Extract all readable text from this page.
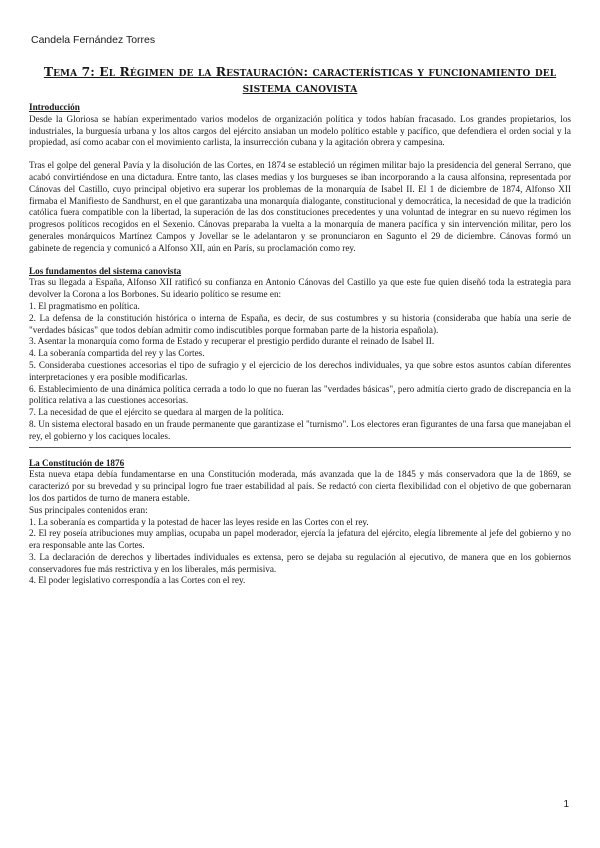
Candela Fernández Torres
Tema 7: El Régimen de la Restauración: características y funcionamiento del sistema canovista

Introducción

Desde la Gloriosa se habían experimentado varios modelos de organización política y todos habían fracasado. Los grandes propietarios, los industriales, la burguesía urbana y los altos cargos del ejército ansiaban un modelo político estable y pacífico, que defendiera el orden social y la propiedad, así como acabar con el movimiento carlista, la insurrección cubana y la agitación obrera y campesina.

Tras el golpe del general Pavía y la disolución de las Cortes, en 1874 se estableció un régimen militar bajo la presidencia del general Serrano, que acabó convirtiéndose en una dictadura. Entre tanto, las clases medias y los burgueses se iban incorporando a la causa alfonsina, representada por Cánovas del Castillo, cuyo principal objetivo era superar los problemas de la monarquía de Isabel II. El 1 de diciembre de 1874, Alfonso XII firmaba el Manifiesto de Sandhurst, en el que garantizaba una monarquía dialogante, constitucional y democrática, la necesidad de que la tradición católica fuera compatible con la libertad, la superación de las dos constituciones precedentes y una voluntad de integrar en su nuevo régimen los progresos políticos recogidos en el Sexenio. Cánovas preparaba la vuelta a la monarquía de manera pacífica y sin intervención militar, pero los generales monárquicos Martínez Campos y Jovellar se le adelantaron y se pronunciaron en Sagunto el 29 de diciembre. Cánovas formó un gabinete de regencia y comunicó a Alfonso XII, aún en París, su proclamación como rey.

Los fundamentos del sistema canovista

Tras su llegada a España, Alfonso XII ratificó su confianza en Antonio Cánovas del Castillo ya que este fue quien diseñó toda la estrategia para devolver la Corona a los Borbones. Su ideario político se resume en:

1. El pragmatismo en política.

2. La defensa de la constitución histórica o interna de España, es decir, de sus costumbres y su historia (consideraba que había una serie de "verdades básicas" que todos debían admitir como indiscutibles porque formaban parte de la historia española).

3. Asentar la monarquía como forma de Estado y recuperar el prestigio perdido durante el reinado de Isabel II.

4. La soberanía compartida del rey y las Cortes.

5. Consideraba cuestiones accesorias el tipo de sufragio y el ejercicio de los derechos individuales, ya que sobre estos asuntos cabían diferentes interpretaciones y era posible modificarlas.

6. Establecimiento de una dinámica política cerrada a todo lo que no fueran las "verdades básicas", pero admitía cierto grado de discrepancia en la política relativa a las cuestiones accesorias.

7. La necesidad de que el ejército se quedara al margen de la política.

8. Un sistema electoral basado en un fraude permanente que garantizase el "turnismo". Los electores eran figurantes de una farsa que manejaban el rey, el gobierno y los caciques locales.

La Constitución de 1876

Esta nueva etapa debía fundamentarse en una Constitución moderada, más avanzada que la de 1845 y más conservadora que la de 1869, se caracterizó por su brevedad y su principal logro fue traer estabilidad al país. Se redactó con cierta flexibilidad con el objetivo de que gobernaran los dos partidos de turno de manera estable.

Sus principales contenidos eran:

1. La soberanía es compartida y la potestad de hacer las leyes reside en las Cortes con el rey.

2. El rey poseía atribuciones muy amplias, ocupaba un papel moderador, ejercía la jefatura del ejército, elegía libremente al jefe del gobierno y no era responsable ante las Cortes.

3. La declaración de derechos y libertades individuales es extensa, pero se dejaba su regulación al ejecutivo, de manera que en los gobiernos conservadores fue más restrictiva y en los liberales, más permisiva.

4. El poder legislativo correspondía a las Cortes con el rey.

1
